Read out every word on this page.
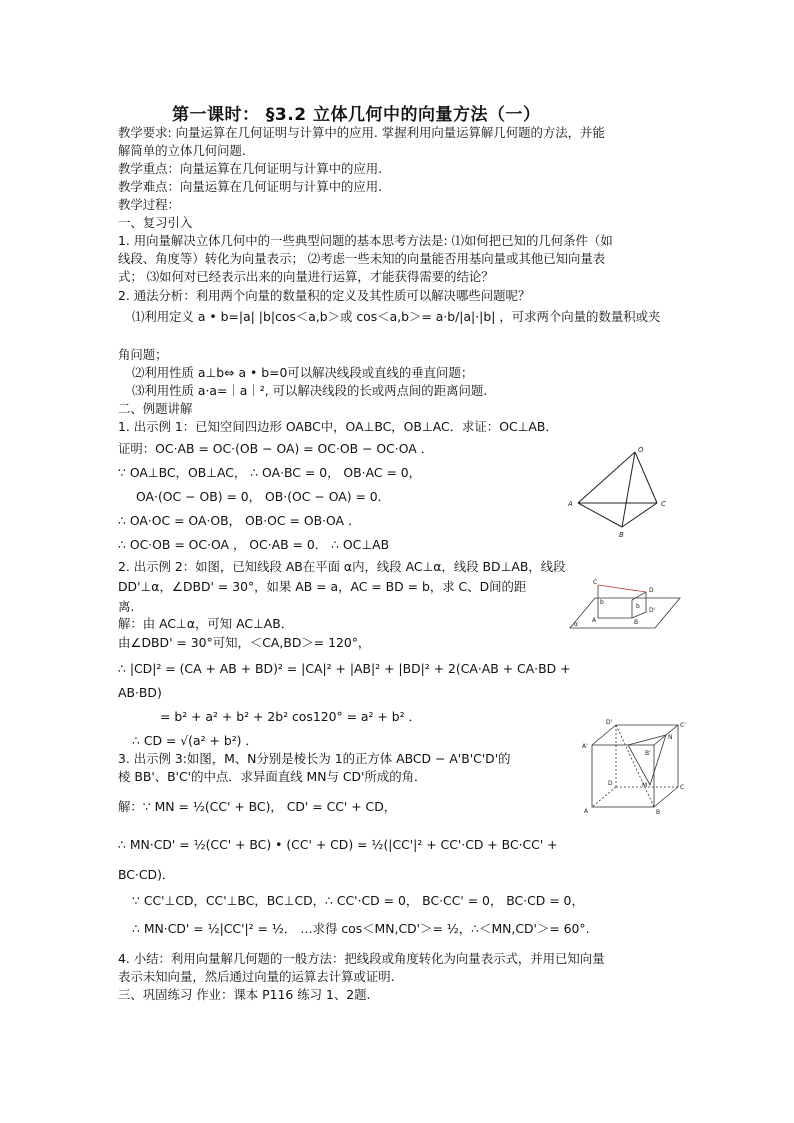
第一课时： §3.2 立体几何中的向量方法（一）
教学要求: 向量运算在几何证明与计算中的应用. 掌握利用向量运算解几何题的方法，并能
解简单的立体几何问题.
教学重点：向量运算在几何证明与计算中的应用.
教学难点：向量运算在几何证明与计算中的应用.
教学过程：
一、复习引入
1. 用向量解决立体几何中的一些典型问题的基本思考方法是: ⑴如何把已知的几何条件（如
线段、角度等）转化为向量表示； ⑵考虑一些未知的向量能否用基向量或其他已知向量表
式； ⑶如何对已经表示出来的向量进行运算，才能获得需要的结论？
2. 通法分析：利用两个向量的数量积的定义及其性质可以解决哪些问题呢？
⑴利用定义 a • b=|a| |b|cos＜a,b＞或 cos＜a,b＞= a·b/|a|·|b| ，可求两个向量的数量积或夹
角问题；
⑵利用性质 a⊥b⇔ a • b=0可以解决线段或直线的垂直问题；
⑶利用性质 a·a=｜a｜², 可以解决线段的长或两点间的距离问题.
二、例题讲解
1. 出示例 1：已知空间四边形 OABC中，OA⊥BC，OB⊥AC．求证：OC⊥AB．
证明：OC·AB = OC·(OB − OA) = OC·OB − OC·OA ．
∵ OA⊥BC，OB⊥AC， ∴ OA·BC = 0， OB·AC = 0，
OA·(OC − OB) = 0， OB·(OC − OA) = 0．
∴ OA·OC = OA·OB， OB·OC = OB·OA ．
∴ OC·OB = OC·OA ， OC·AB = 0． ∴ OC⊥AB
2. 出示例 2：如图，已知线段 AB在平面 α内，线段 AC⊥α，线段 BD⊥AB，线段
DD'⊥α，∠DBD' = 30°，如果 AB = a，AC = BD = b，求 C、D间的距
离.
解：由 AC⊥α，可知 AC⊥AB．
由∠DBD' = 30°可知，＜CA,BD＞= 120°，
∴ |CD|² = (CA + AB + BD)² = |CA|² + |AB|² + |BD|² + 2(CA·AB + CA·BD +
AB·BD)
= b² + a² + b² + 2b² cos120° = a² + b² ．
∴ CD = √(a² + b²) ．
3. 出示例 3:如图，M、N分别是棱长为 1的正方体 ABCD − A'B'C'D'的
棱 BB'、B'C'的中点．求异面直线 MN与 CD'所成的角．
解：∵ MN = ½(CC' + BC)， CD' = CC' + CD，
∴ MN·CD' = ½(CC' + BC) • (CC' + CD) = ½(|CC'|² + CC'·CD + BC·CC' +
BC·CD)．
∵ CC'⊥CD，CC'⊥BC，BC⊥CD，∴ CC'·CD = 0， BC·CC' = 0， BC·CD = 0，
∴ MN·CD' = ½|CC'|² = ½． …求得 cos＜MN,CD'＞= ½，∴＜MN,CD'＞= 60°.
4. 小结：利用向量解几何题的一般方法：把线段或角度转化为向量表示式，并用已知向量
表示未知向量，然后通过向量的运算去计算或证明.
三、巩固练习 作业：课本 P116 练习 1、2题.
O
A
B
C
C
D
D'
A	B
b
b
α
D'	C'
A'
B'
N
M
D
C
A	B
